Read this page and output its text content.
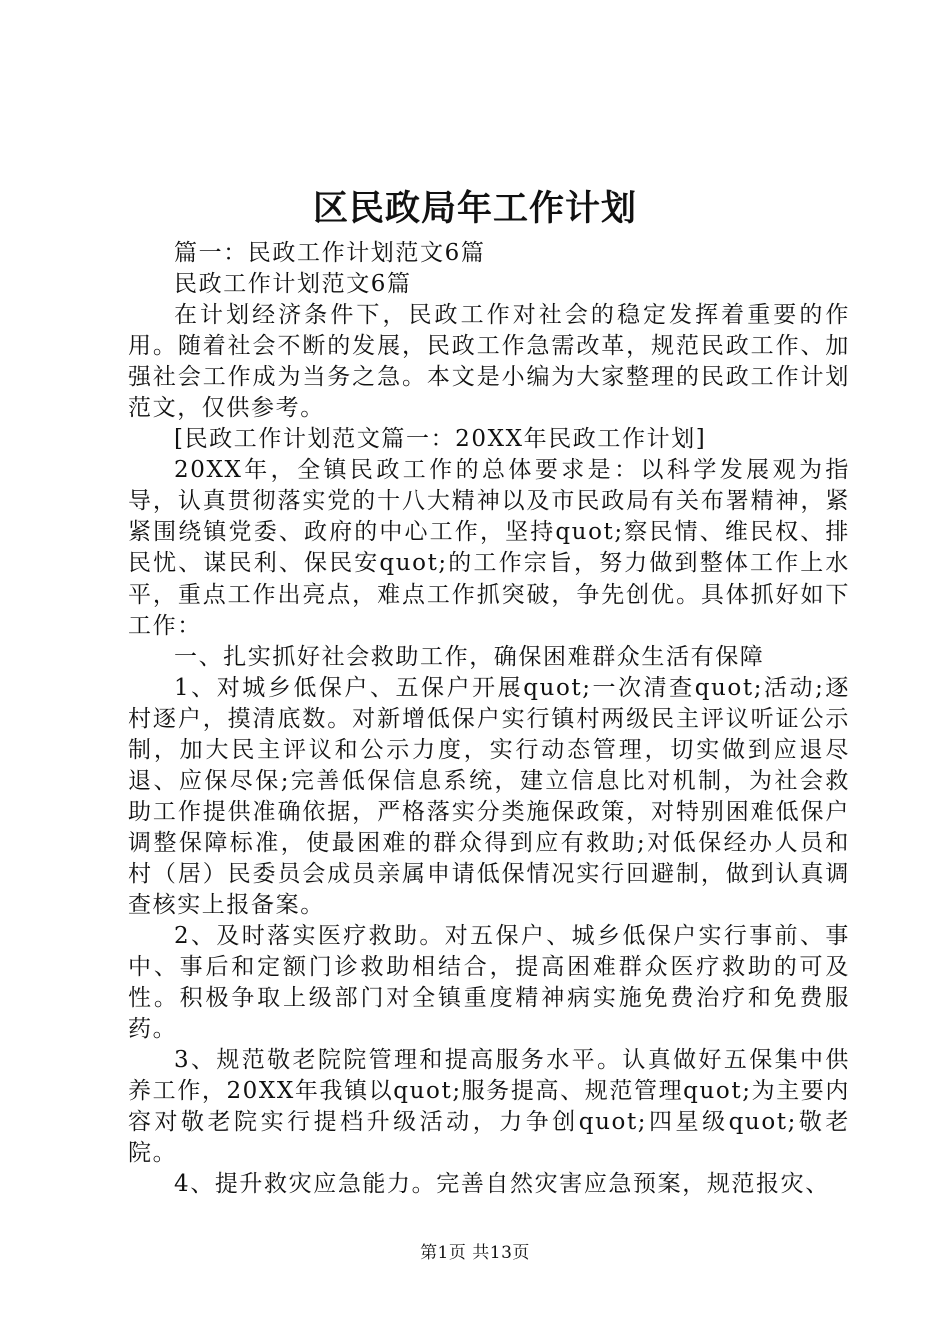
区民政局年工作计划

篇一：民政工作计划范文6篇

民政工作计划范文6篇

在计划经济条件下，民政工作对社会的稳定发挥着重要的作用。随着社会不断的发展，民政工作急需改革，规范民政工作、加强社会工作成为当务之急。本文是小编为大家整理的民政工作计划范文，仅供参考。

[民政工作计划范文篇一：20XX年民政工作计划]

20XX年，全镇民政工作的总体要求是：以科学发展观为指导，认真贯彻落实党的十八大精神以及市民政局有关布署精神，紧紧围绕镇党委、政府的中心工作，坚持quot;察民情、维民权、排民忧、谋民利、保民安quot;的工作宗旨，努力做到整体工作上水平，重点工作出亮点，难点工作抓突破，争先创优。具体抓好如下工作：

一、扎实抓好社会救助工作，确保困难群众生活有保障

1、对城乡低保户、五保户开展quot;一次清查quot;活动;逐村逐户，摸清底数。对新增低保户实行镇村两级民主评议听证公示制，加大民主评议和公示力度，实行动态管理，切实做到应退尽退、应保尽保;完善低保信息系统，建立信息比对机制，为社会救助工作提供准确依据，严格落实分类施保政策，对特别困难低保户调整保障标准，使最困难的群众得到应有救助;对低保经办人员和村（居）民委员会成员亲属申请低保情况实行回避制，做到认真调查核实上报备案。

2、及时落实医疗救助。对五保户、城乡低保户实行事前、事中、事后和定额门诊救助相结合，提高困难群众医疗救助的可及性。积极争取上级部门对全镇重度精神病实施免费治疗和免费服药。

3、规范敬老院院管理和提高服务水平。认真做好五保集中供养工作，20XX年我镇以quot;服务提高、规范管理quot;为主要内容对敬老院实行提档升级活动，力争创quot;四星级quot;敬老院。

4、提升救灾应急能力。完善自然灾害应急预案，规范报灾、

第1页 共13页
